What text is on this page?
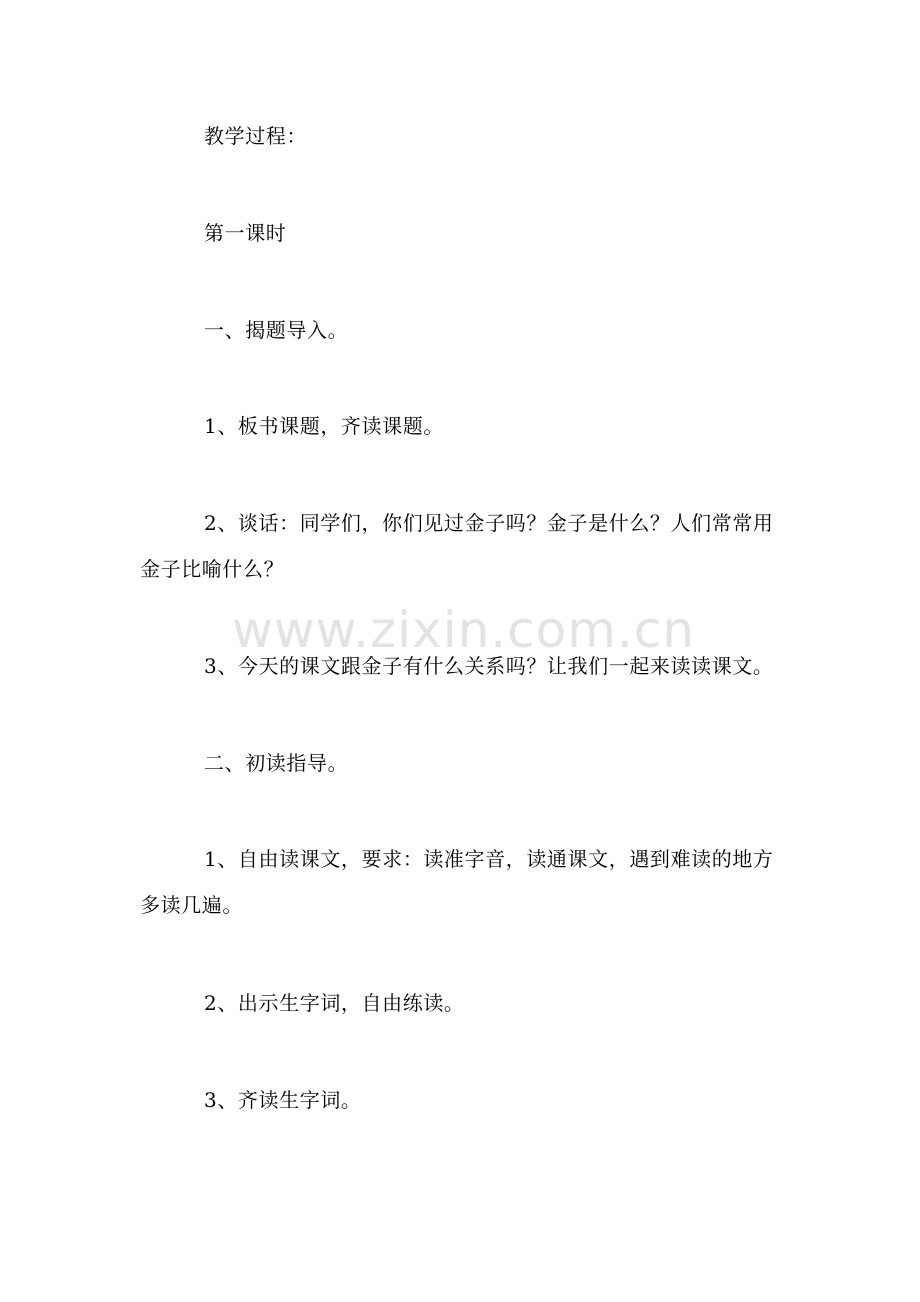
教学过程：

第一课时

一、揭题导入。

1、板书课题，齐读课题。

2、谈话：同学们，你们见过金子吗？金子是什么？人们常常用金子比喻什么？

3、今天的课文跟金子有什么关系吗？让我们一起来读读课文。

二、初读指导。

1、自由读课文，要求：读准字音，读通课文，遇到难读的地方多读几遍。

2、出示生字词，自由练读。

3、齐读生字词。

www.zixin.com.cn
